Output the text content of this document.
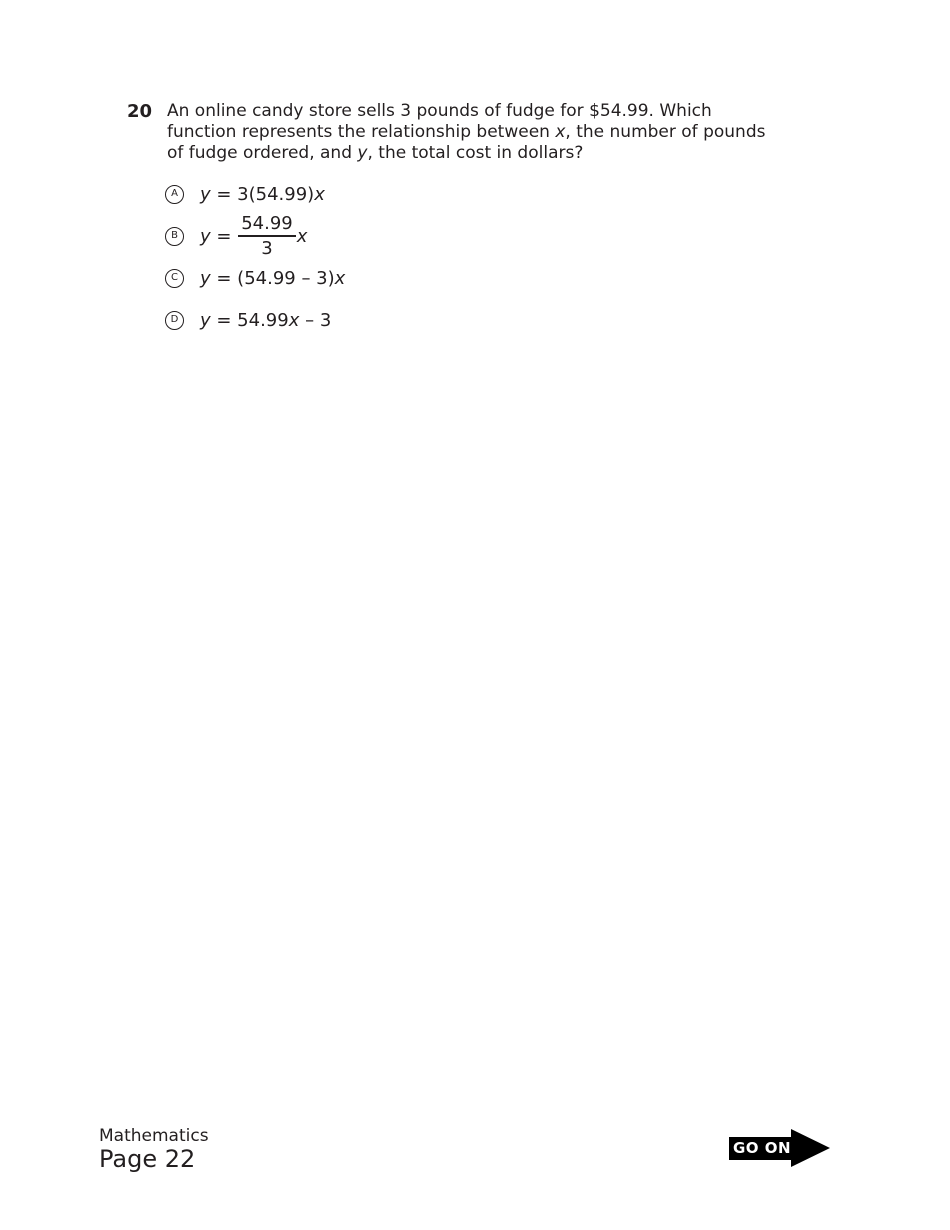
20 An online candy store sells 3 pounds of fudge for $54.99. Which
function represents the relationship between x, the number of pounds
of fudge ordered, and y, the total cost in dollars?
A y = 3(54.99) x
B $y = \frac{54.99}{3}$ x
C y = (54.99 – 3) x
D y = 54.99 x – 3
Mathematics
Page 22	GO ON
